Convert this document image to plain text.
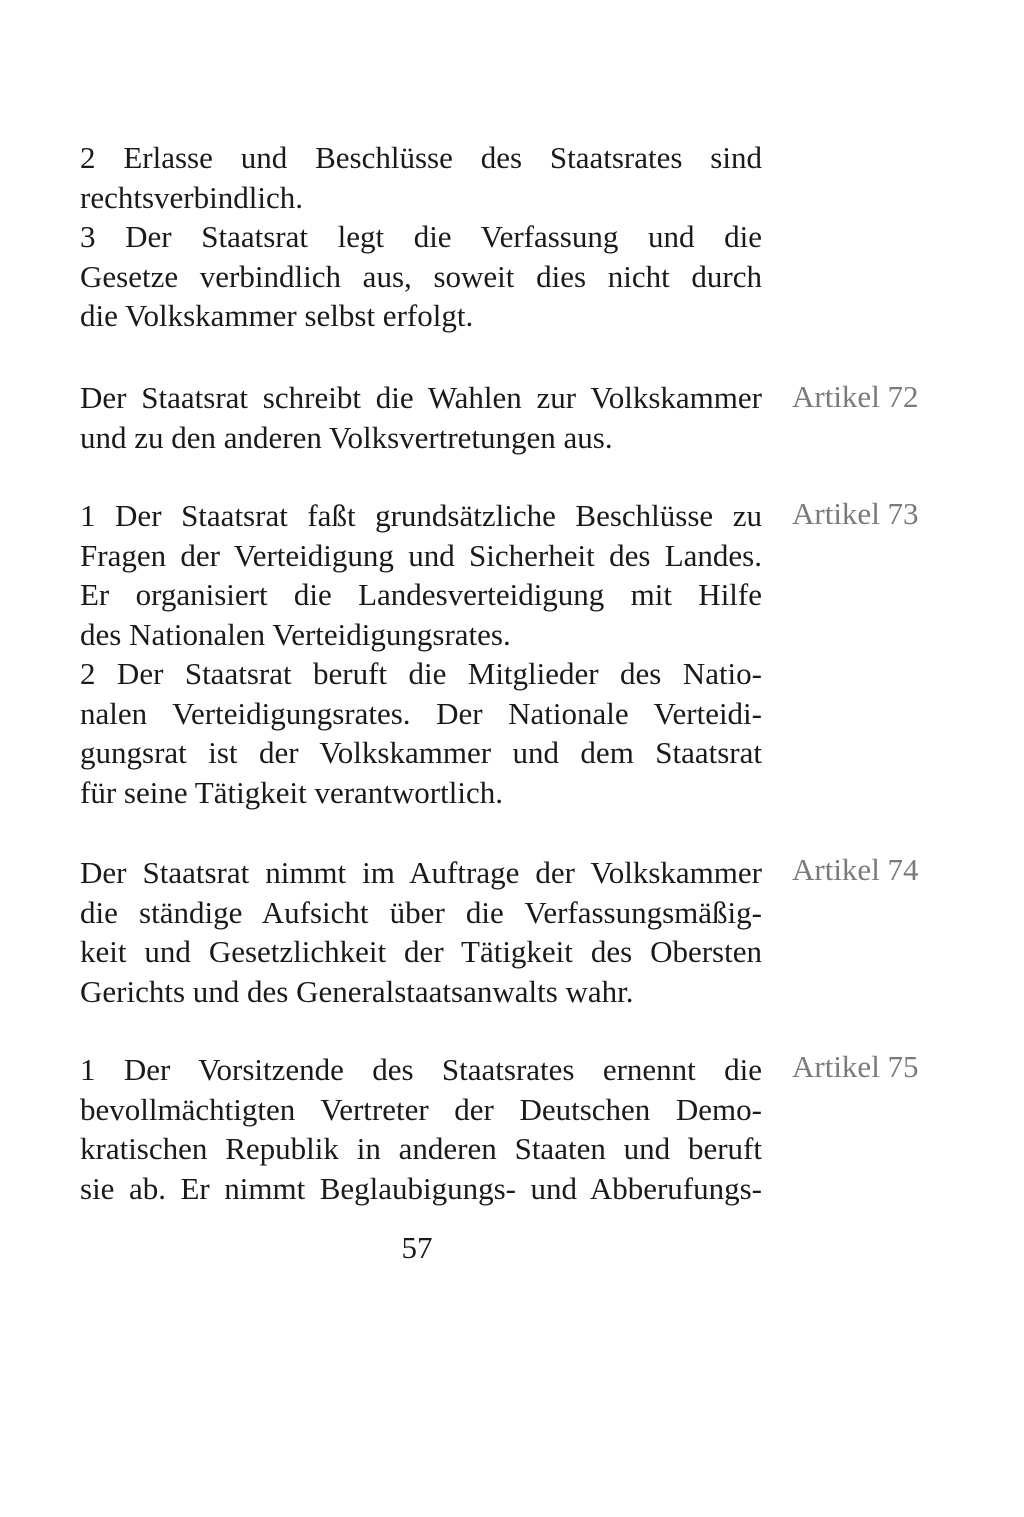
2 Erlasse und Beschlüsse des Staatsrates sind
rechtsverbindlich.
3 Der Staatsrat legt die Verfassung und die
Gesetze verbindlich aus, soweit dies nicht durch
die Volkskammer selbst erfolgt.
Artikel 72
Der Staatsrat schreibt die Wahlen zur Volkskammer
und zu den anderen Volksvertretungen aus.
Artikel 73
1 Der Staatsrat faßt grundsätzliche Beschlüsse zu
Fragen der Verteidigung und Sicherheit des Landes.
Er organisiert die Landesverteidigung mit Hilfe
des Nationalen Verteidigungsrates.
2 Der Staatsrat beruft die Mitglieder des Natio-
nalen Verteidigungsrates. Der Nationale Verteidi-
gungsrat ist der Volkskammer und dem Staatsrat
für seine Tätigkeit verantwortlich.
Artikel 74
Der Staatsrat nimmt im Auftrage der Volkskammer
die ständige Aufsicht über die Verfassungsmäßig-
keit und Gesetzlichkeit der Tätigkeit des Obersten
Gerichts und des Generalstaatsanwalts wahr.
Artikel 75
1 Der Vorsitzende des Staatsrates ernennt die
bevollmächtigten Vertreter der Deutschen Demo-
kratischen Republik in anderen Staaten und beruft
sie ab. Er nimmt Beglaubigungs- und Abberufungs-
57
